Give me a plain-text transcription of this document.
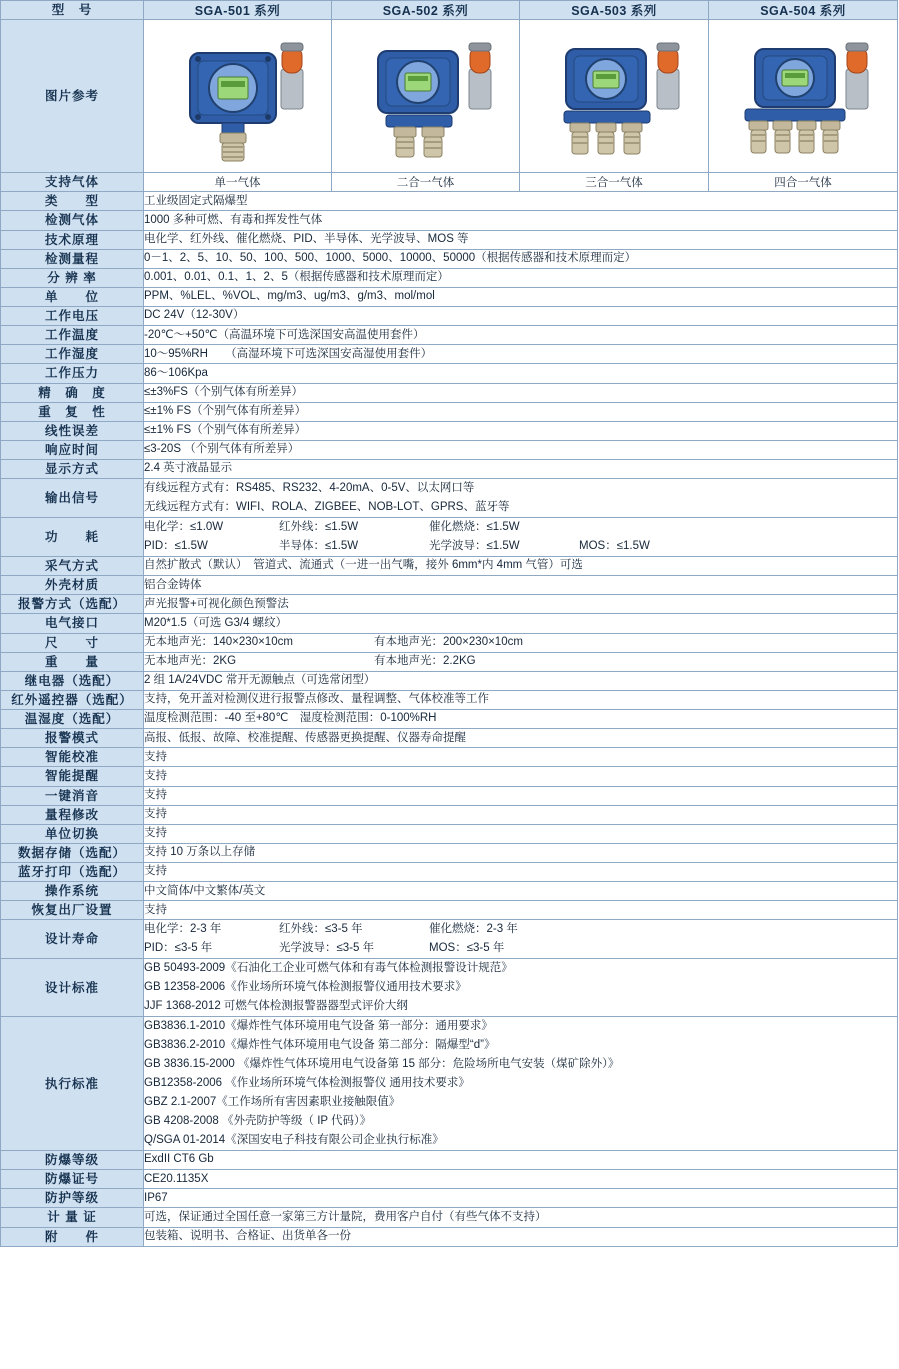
型　号	SGA-501 系列	SGA-502 系列	SGA-503 系列	SGA-504 系列
图片参考	

支持气体	单一气体	二合一气体	三合一气体	四合一气体
类　　型	工业级固定式隔爆型			
检测气体	1000 多种可燃、有毒和挥发性气体			
技术原理	电化学、红外线、催化燃烧、PID、半导体、光学波导、MOS 等			
检测量程	0－1、2、5、10、50、100、500、1000、5000、10000、50000（根据传感器和技术原理而定）			
分 辨 率	0.001、0.01、0.1、1、2、5（根据传感器和技术原理而定）			
单　　位	PPM、%LEL、%VOL、mg/m3、ug/m3、g/m3、mol/mol			
工作电压	DC 24V（12-30V）			
工作温度	-20℃～+50℃（高温环境下可选深国安高温使用套件）			
工作湿度	10～95%RH　　（高湿环境下可选深国安高湿使用套件）			
工作压力	86～106Kpa			
精　确　度	≤±3%FS（个别气体有所差异）			
重　复　性	≤±1% FS（个别气体有所差异）			
线性误差	≤±1% FS（个别气体有所差异）			
响应时间	≤3-20S （个别气体有所差异）			
显示方式	2.4 英寸液晶显示			
输出信号	有线远程方式有：RS485、RS232、4-20mA、0-5V、以太网口等
无线远程方式有：WIFI、ROLA、ZIGBEE、NOB-LOT、GPRS、蓝牙等			

功　　耗	
电化学：≤1.0W	红外线：≤1.5W	催化燃烧：≤1.5W
PID：≤1.5W	半导体：≤1.5W	光学波导：≤1.5W	MOS：≤1.5W

采气方式	自然扩散式（默认）　管道式、流通式（一进一出气嘴，接外 6mm*内 4mm 气管）可选			
外壳材质	铝合金铸体			
报警方式（选配）	声光报警+可视化颜色预警法			
电气接口	M20*1.5（可选 G3/4 螺纹）			
尺　　寸	无本地声光：140×230×10cm 有本地声光：200×230×10cm			

重　　量	无本地声光：2KG 有本地声光：2.2KG			

继电器（选配）	2 组 1A/24VDC 常开无源触点（可选常闭型）			
红外遥控器（选配）	支持，免开盖对检测仪进行报警点修改、量程调整、气体校准等工作			
温湿度（选配）	温度检测范围：-40 至+80℃　湿度检测范围：0-100%RH			
报警模式	高报、低报、故障、校准提醒、传感器更换提醒、仪器寿命提醒			
智能校准	支持			
智能提醒	支持			
一键消音	支持			
量程修改	支持			
单位切换	支持			
数据存储（选配）	支持 10 万条以上存储			
蓝牙打印（选配）	支持			
操作系统	中文简体/中文繁体/英文			
恢复出厂设置	支持			
设计寿命	
电化学：2-3 年	红外线：≤3-5 年	催化燃烧：2-3 年
PID：≤3-5 年	光学波导：≤3-5 年	MOS：≤3-5 年

设计标准	GB 50493-2009《石油化工企业可燃气体和有毒气体检测报警设计规范》
GB 12358-2006《作业场所环境气体检测报警仪通用技术要求》
JJF 1368-2012 可燃气体检测报警器器型式评价大纲			

执行标准	
GB3836.1-2010《爆炸性气体环境用电气设备 第一部分：通用要求》
GB3836.2-2010《爆炸性气体环境用电气设备 第二部分：隔爆型“d”》
GB 3836.15-2000 《爆炸性气体环境用电气设备第 15 部分：危险场所电气安装（煤矿除外）》
GB12358-2006 《作业场所环境气体检测报警仪 通用技术要求》
GBZ 2.1-2007《工作场所有害因素职业接触限值》
GB 4208-2008 《外壳防护等级（ IP 代码）》
Q/SGA 01-2014《深国安电子科技有限公司企业执行标准》

防爆等级	ExdII CT6 Gb			
防爆证号	CE20.1135X			
防护等级	IP67			
计 量 证	可选，保证通过全国任意一家第三方计量院，费用客户自付（有些气体不支持）			
附　　件	包装箱、说明书、合格证、出货单各一份			
